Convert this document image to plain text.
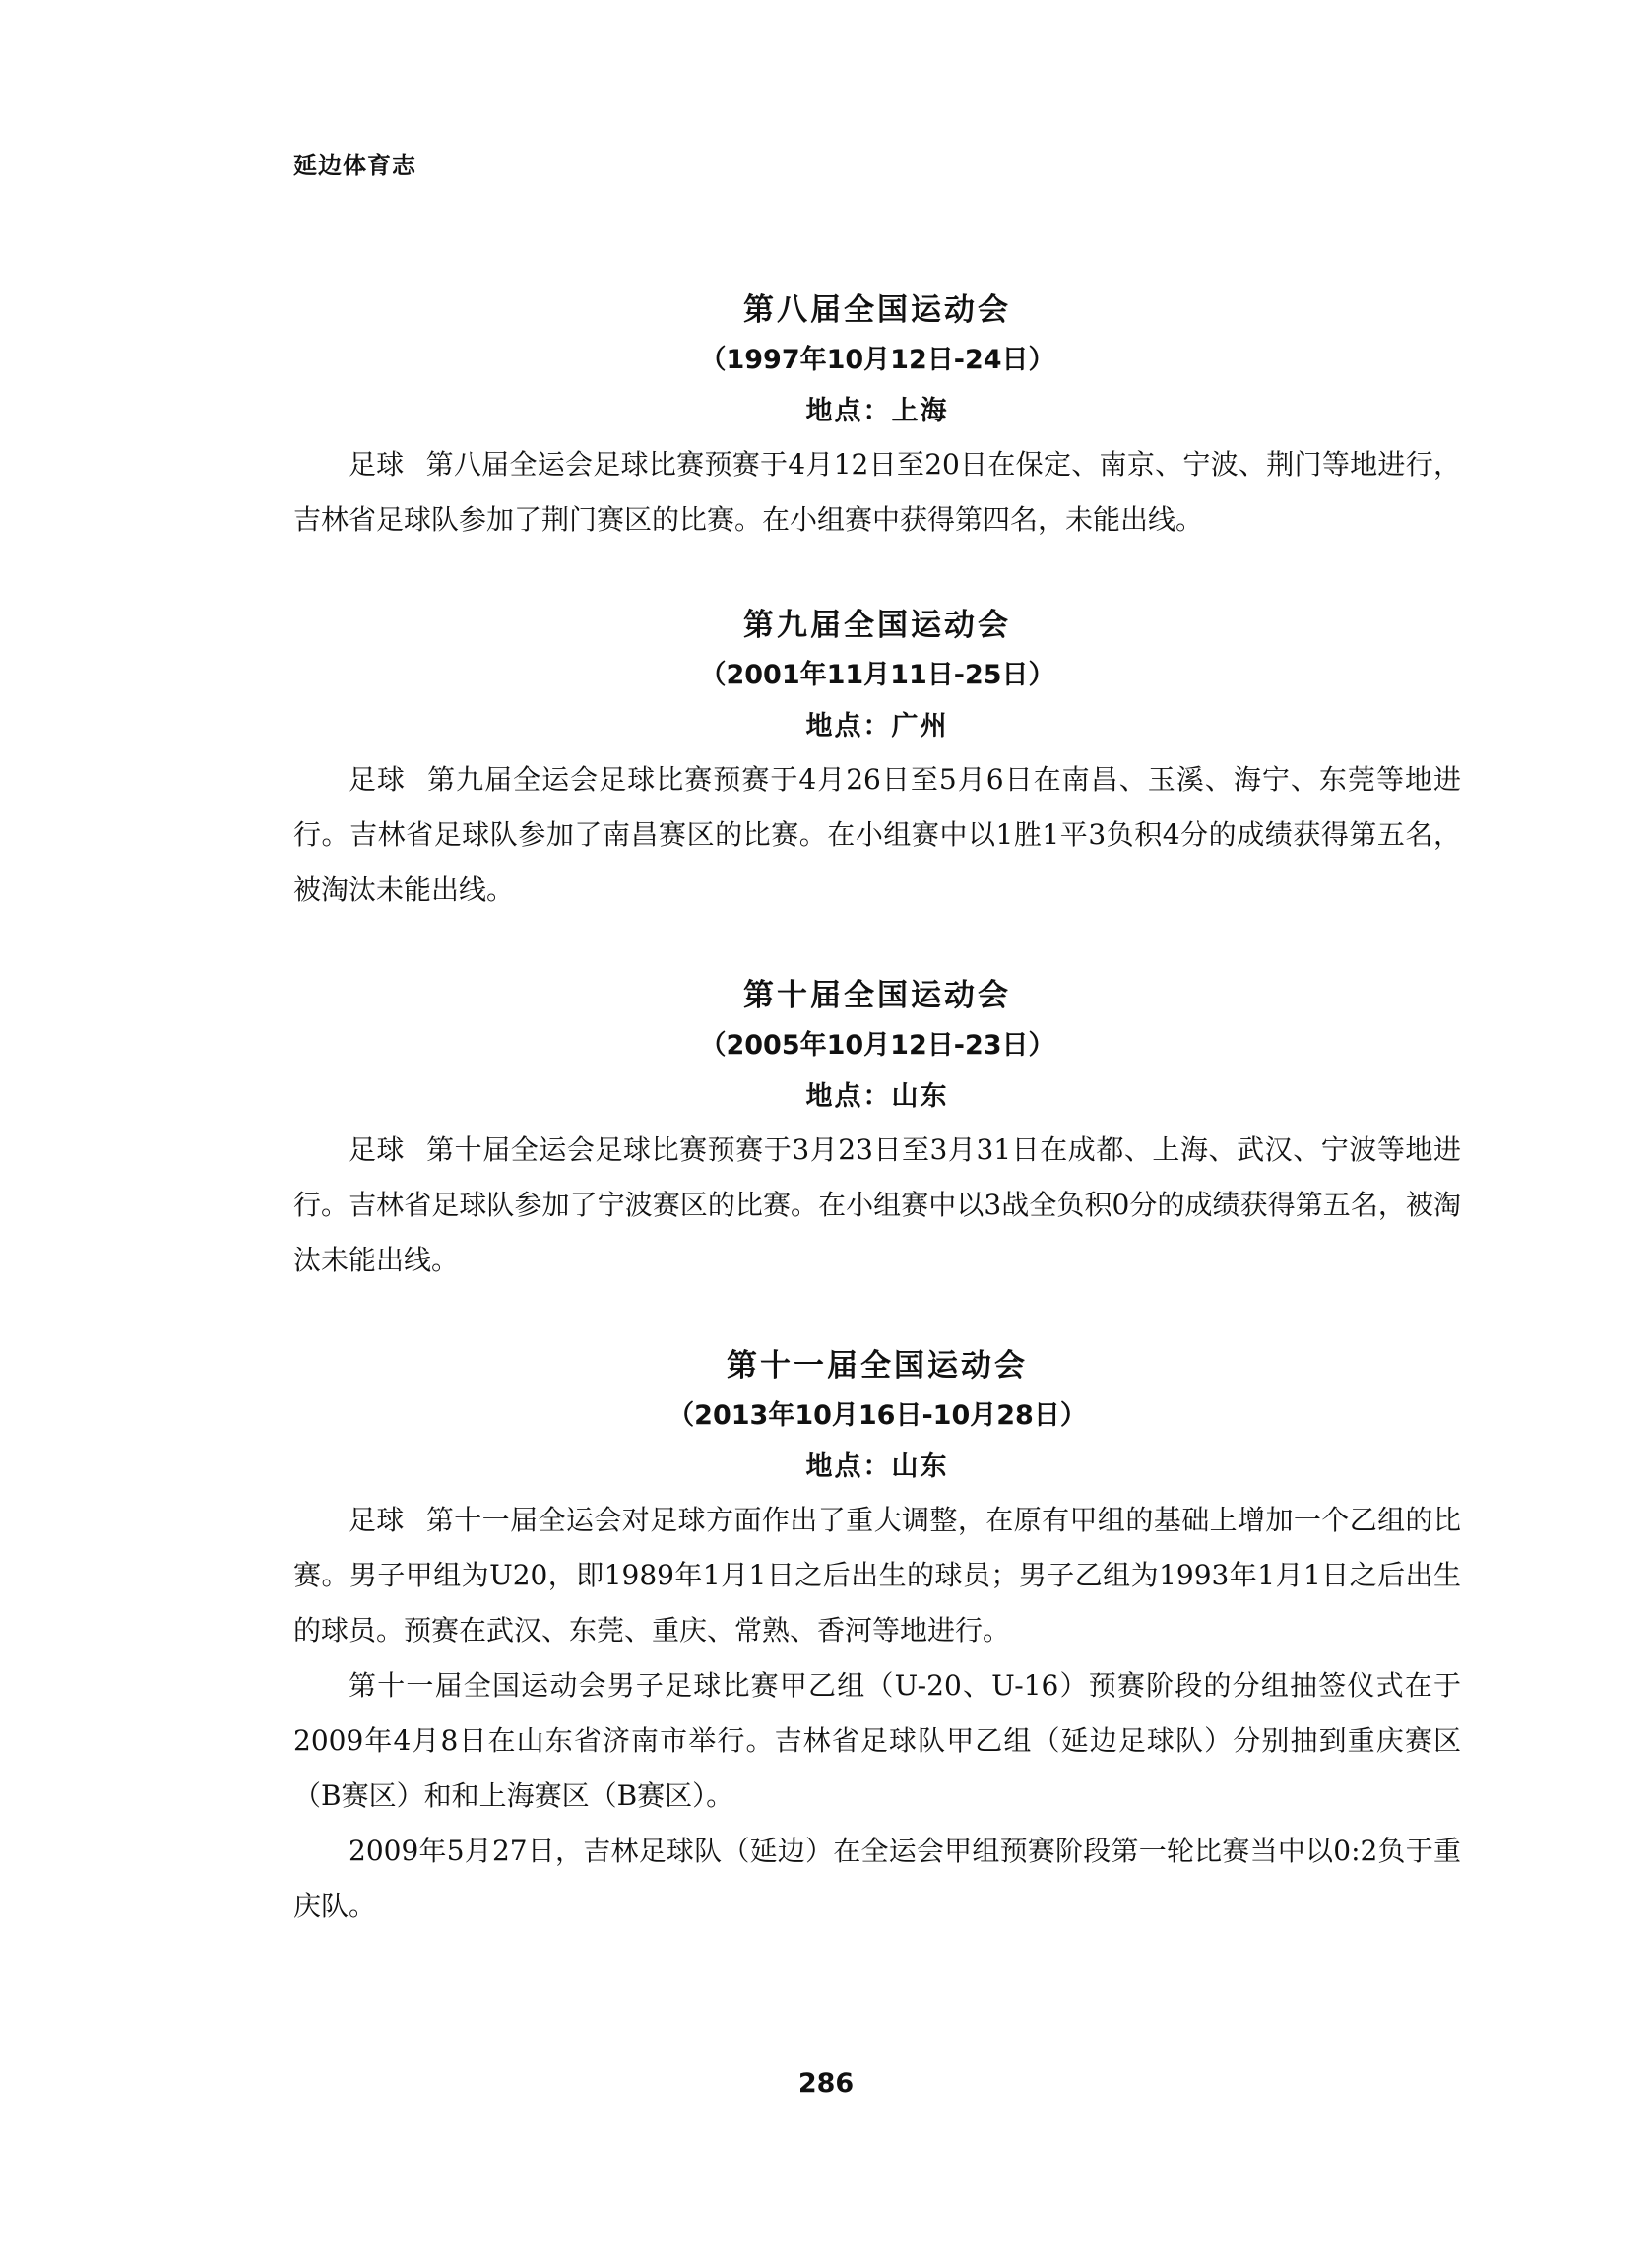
延边体育志
第八届全国运动会
（1997年10月12日-24日）
地点：上海

足球 第八届全运会足球比赛预赛于4月12日至20日在保定、南京、宁波、荆门等地进行，吉林省足球队参加了荆门赛区的比赛。在小组赛中获得第四名，未能出线。

第九届全国运动会
（2001年11月11日-25日）
地点：广州

足球 第九届全运会足球比赛预赛于4月26日至5月6日在南昌、玉溪、海宁、东莞等地进行。吉林省足球队参加了南昌赛区的比赛。在小组赛中以1胜1平3负积4分的成绩获得第五名，被淘汰未能出线。

第十届全国运动会
（2005年10月12日-23日）
地点：山东

足球 第十届全运会足球比赛预赛于3月23日至3月31日在成都、上海、武汉、宁波等地进行。吉林省足球队参加了宁波赛区的比赛。在小组赛中以3战全负积0分的成绩获得第五名，被淘汰未能出线。

第十一届全国运动会
（2013年10月16日-10月28日）
地点：山东

足球 第十一届全运会对足球方面作出了重大调整，在原有甲组的基础上增加一个乙组的比赛。男子甲组为U20，即1989年1月1日之后出生的球员；男子乙组为1993年1月1日之后出生的球员。预赛在武汉、东莞、重庆、常熟、香河等地进行。

第十一届全国运动会男子足球比赛甲乙组（U-20、U-16）预赛阶段的分组抽签仪式在于2009年4月8日在山东省济南市举行。吉林省足球队甲乙组（延边足球队）分别抽到重庆赛区（B赛区）和和上海赛区（B赛区）。

2009年5月27日，吉林足球队（延边）在全运会甲组预赛阶段第一轮比赛当中以0:2负于重庆队。

286
